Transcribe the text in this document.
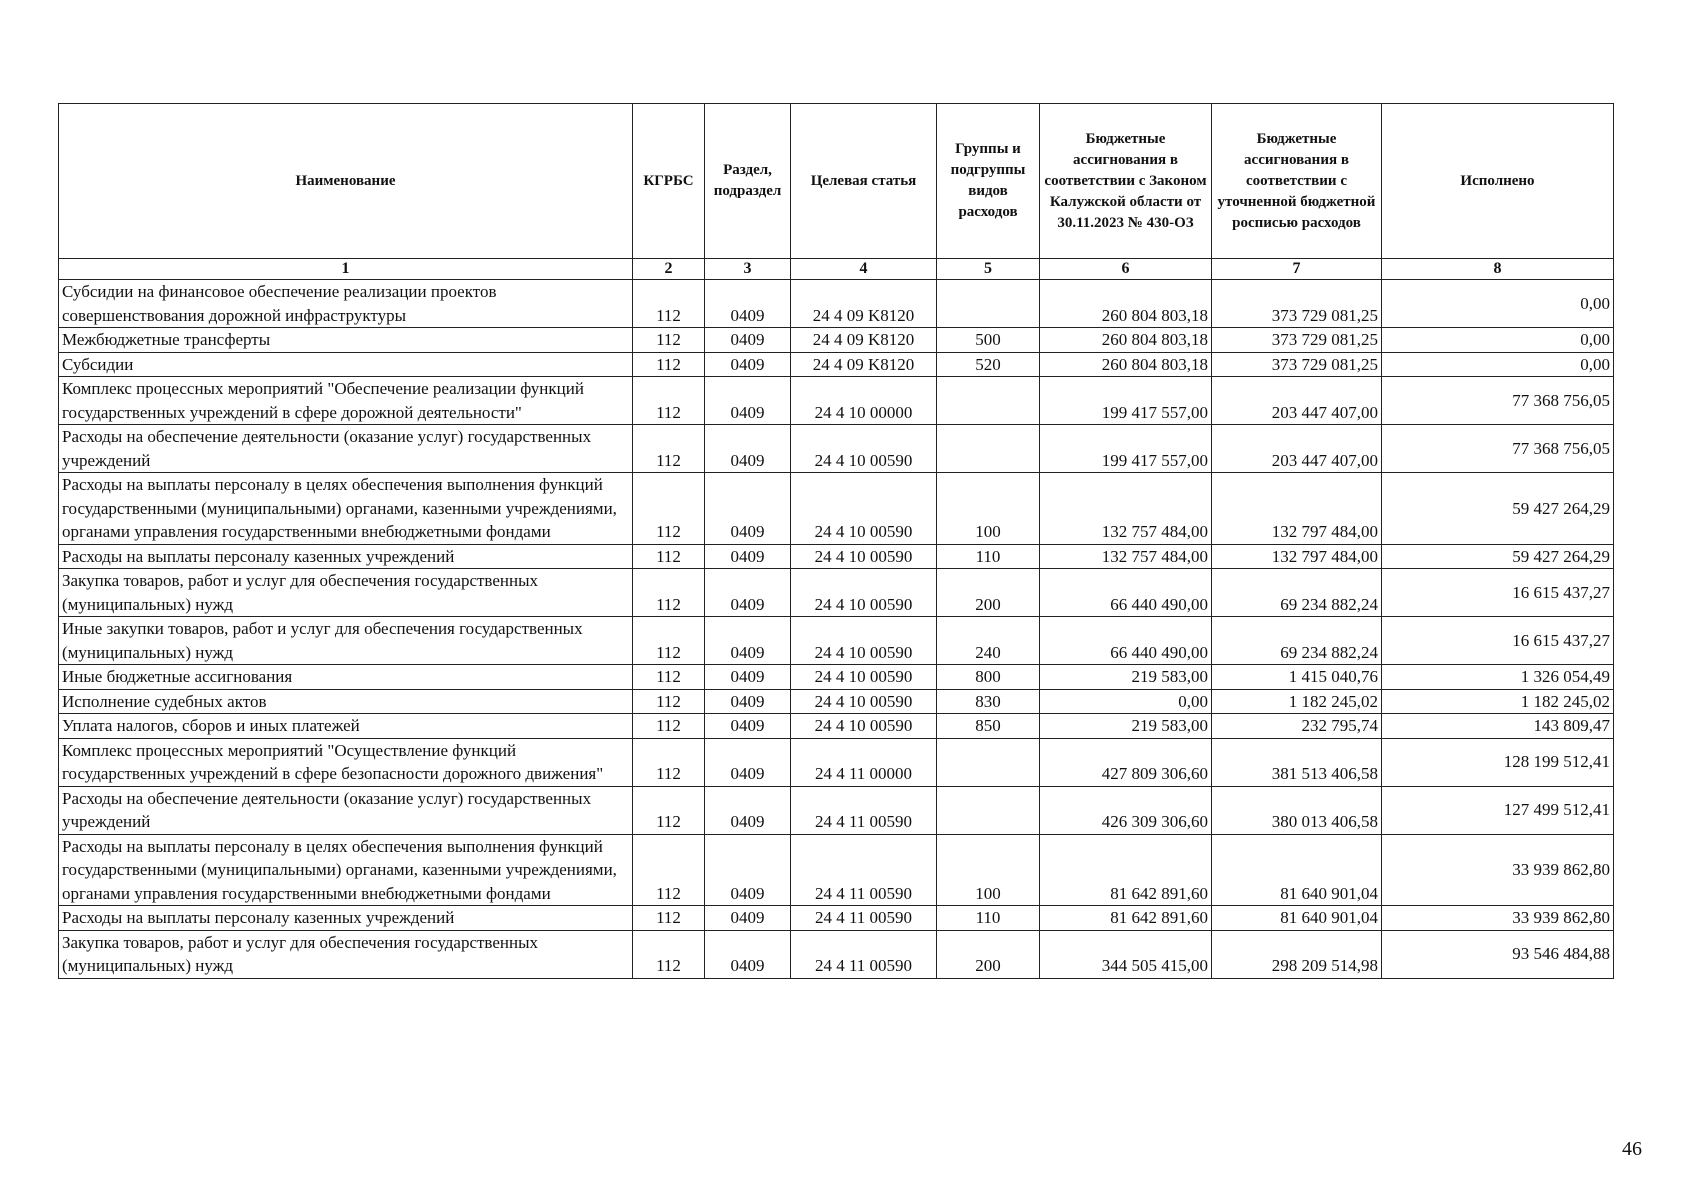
Наименование	КГРБС	Раздел, подраздел	Целевая статья	Группы и подгруппы видов расходов	Бюджетные ассигнования в соответствии с Законом Калужской области от 30.11.2023 № 430-ОЗ	Бюджетные ассигнования в соответствии с уточненной бюджетной росписью расходов	Исполнено
1	2	3	4	5	6	7	8
Субсидии на финансовое обеспечение реализации проектов совершенствования дорожной инфраструктуры	112	0409	24 4 09 K8120		260 804 803,18	373 729 081,25	0,00
Межбюджетные трансферты	112	0409	24 4 09 K8120	500	260 804 803,18	373 729 081,25	0,00
Субсидии	112	0409	24 4 09 K8120	520	260 804 803,18	373 729 081,25	0,00
Комплекс процессных мероприятий "Обеспечение реализации функций государственных учреждений в сфере дорожной деятельности"	112	0409	24 4 10 00000		199 417 557,00	203 447 407,00	77 368 756,05
Расходы на обеспечение деятельности (оказание услуг) государственных учреждений	112	0409	24 4 10 00590		199 417 557,00	203 447 407,00	77 368 756,05
Расходы на выплаты персоналу в целях обеспечения выполнения функций государственными (муниципальными) органами, казенными учреждениями, органами управления государственными внебюджетными фондами	112	0409	24 4 10 00590	100	132 757 484,00	132 797 484,00	59 427 264,29
Расходы на выплаты персоналу казенных учреждений	112	0409	24 4 10 00590	110	132 757 484,00	132 797 484,00	59 427 264,29
Закупка товаров, работ и услуг для обеспечения государственных (муниципальных) нужд	112	0409	24 4 10 00590	200	66 440 490,00	69 234 882,24	16 615 437,27
Иные закупки товаров, работ и услуг для обеспечения государственных (муниципальных) нужд	112	0409	24 4 10 00590	240	66 440 490,00	69 234 882,24	16 615 437,27
Иные бюджетные ассигнования	112	0409	24 4 10 00590	800	219 583,00	1 415 040,76	1 326 054,49
Исполнение судебных актов	112	0409	24 4 10 00590	830	0,00	1 182 245,02	1 182 245,02
Уплата налогов, сборов и иных платежей	112	0409	24 4 10 00590	850	219 583,00	232 795,74	143 809,47
Комплекс процессных мероприятий "Осуществление функций государственных учреждений в сфере безопасности дорожного движения"	112	0409	24 4 11 00000		427 809 306,60	381 513 406,58	128 199 512,41
Расходы на обеспечение деятельности (оказание услуг) государственных учреждений	112	0409	24 4 11 00590		426 309 306,60	380 013 406,58	127 499 512,41
Расходы на выплаты персоналу в целях обеспечения выполнения функций государственными (муниципальными) органами, казенными учреждениями, органами управления государственными внебюджетными фондами	112	0409	24 4 11 00590	100	81 642 891,60	81 640 901,04	33 939 862,80
Расходы на выплаты персоналу казенных учреждений	112	0409	24 4 11 00590	110	81 642 891,60	81 640 901,04	33 939 862,80
Закупка товаров, работ и услуг для обеспечения государственных (муниципальных) нужд	112	0409	24 4 11 00590	200	344 505 415,00	298 209 514,98	93 546 484,88
46
